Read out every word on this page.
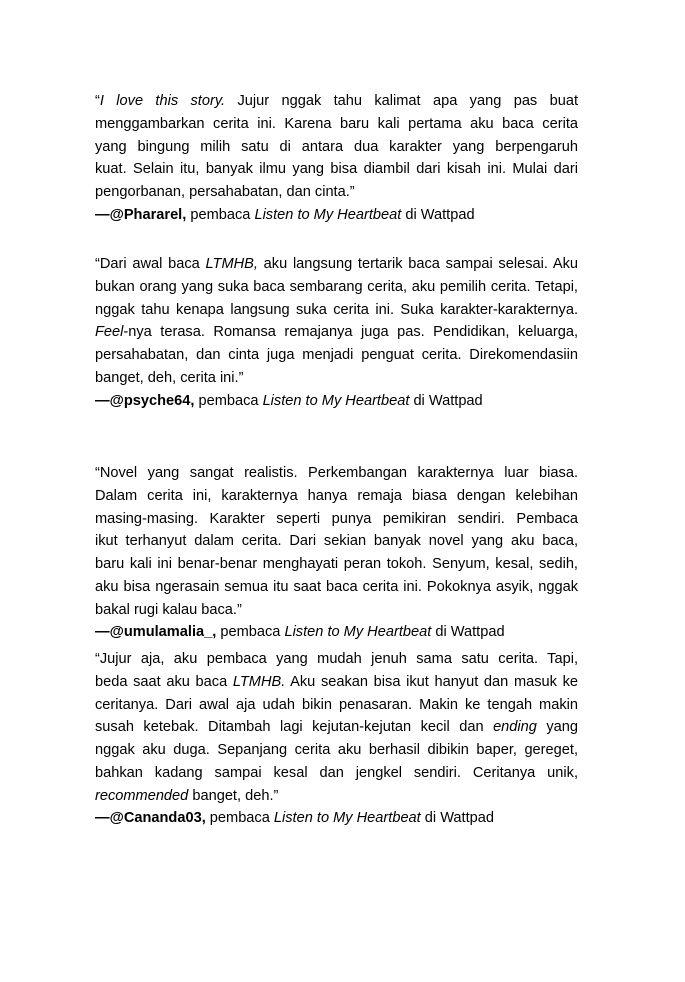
“I love this story. Jujur nggak tahu kalimat apa yang pas buat
menggambarkan cerita ini. Karena baru kali pertama aku baca cerita
yang bingung milih satu di antara dua karakter yang berpengaruh
kuat. Selain itu, banyak ilmu yang bisa diambil dari kisah ini. Mulai dari
pengorbanan, persahabatan, dan cinta.”
—@Phararel, pembaca Listen to My Heartbeat di Wattpad
“Dari awal baca LTMHB, aku langsung tertarik baca sampai selesai. Aku
bukan orang yang suka baca sembarang cerita, aku pemilih cerita. Tetapi,
nggak tahu kenapa langsung suka cerita ini. Suka karakter-karakternya.
Feel-nya terasa. Romansa remajanya juga pas. Pendidikan, keluarga,
persahabatan, dan cinta juga menjadi penguat cerita. Direkomendasiin
banget, deh, cerita ini.”
—@psyche64, pembaca Listen to My Heartbeat di Wattpad
“Novel yang sangat realistis. Perkembangan karakternya luar biasa.
Dalam cerita ini, karakternya hanya remaja biasa dengan kelebihan
masing-masing. Karakter seperti punya pemikiran sendiri. Pembaca
ikut terhanyut dalam cerita. Dari sekian banyak novel yang aku baca,
baru kali ini benar-benar menghayati peran tokoh. Senyum, kesal, sedih,
aku bisa ngerasain semua itu saat baca cerita ini. Pokoknya asyik, nggak
bakal rugi kalau baca.”
—@umulamalia_, pembaca Listen to My Heartbeat di Wattpad
“Jujur aja, aku pembaca yang mudah jenuh sama satu cerita. Tapi,
beda saat aku baca LTMHB. Aku seakan bisa ikut hanyut dan masuk ke
ceritanya. Dari awal aja udah bikin penasaran. Makin ke tengah makin
susah ketebak. Ditambah lagi kejutan-kejutan kecil dan ending yang
nggak aku duga. Sepanjang cerita aku berhasil dibikin baper, gereget,
bahkan kadang sampai kesal dan jengkel sendiri. Ceritanya unik,
recommended banget, deh.”
—@Cananda03, pembaca Listen to My Heartbeat di Wattpad
